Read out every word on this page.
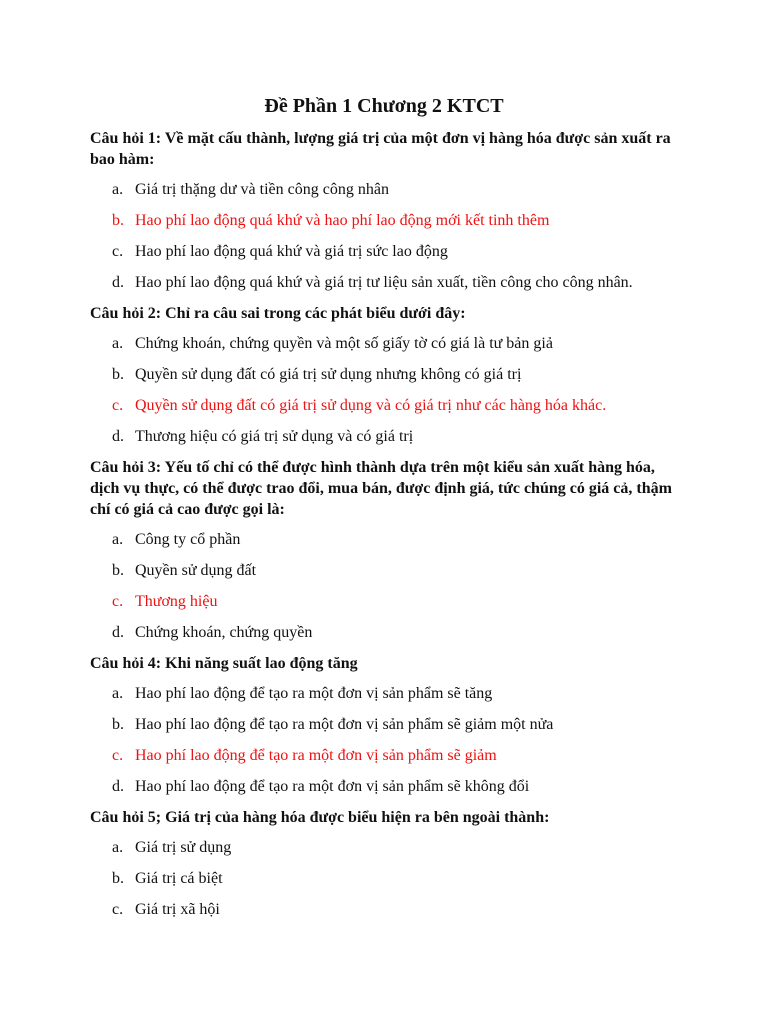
Đề Phần 1 Chương 2 KTCT

Câu hỏi 1: Về mặt cấu thành, lượng giá trị của một đơn vị hàng hóa được sản xuất ra bao hàm:

a. Giá trị thặng dư và tiền công công nhân
b. Hao phí lao động quá khứ và hao phí lao động mới kết tinh thêm
c. Hao phí lao động quá khứ và giá trị sức lao động
d. Hao phí lao động quá khứ và giá trị tư liệu sản xuất, tiền công cho công nhân.

Câu hỏi 2: Chỉ ra câu sai trong các phát biểu dưới đây:

a. Chứng khoán, chứng quyền và một số giấy tờ có giá là tư bản giả
b. Quyền sử dụng đất có giá trị sử dụng nhưng không có giá trị
c. Quyền sử dụng đất có giá trị sử dụng và có giá trị như các hàng hóa khác.
d. Thương hiệu có giá trị sử dụng và có giá trị

Câu hỏi 3: Yếu tố chỉ có thể được hình thành dựa trên một kiểu sản xuất hàng hóa, dịch vụ thực, có thể được trao đổi, mua bán, được định giá, tức chúng có giá cả, thậm chí có giá cả cao được gọi là:

a. Công ty cổ phần
b. Quyền sử dụng đất
c. Thương hiệu
d. Chứng khoán, chứng quyền

Câu hỏi 4: Khi năng suất lao động tăng

a. Hao phí lao động để tạo ra một đơn vị sản phẩm sẽ tăng
b. Hao phí lao động để tạo ra một đơn vị sản phẩm sẽ giảm một nửa
c. Hao phí lao động để tạo ra một đơn vị sản phẩm sẽ giảm
d. Hao phí lao động để tạo ra một đơn vị sản phẩm sẽ không đổi

Câu hỏi 5; Giá trị của hàng hóa được biểu hiện ra bên ngoài thành:

a. Giá trị sử dụng
b. Giá trị cá biệt
c. Giá trị xã hội
